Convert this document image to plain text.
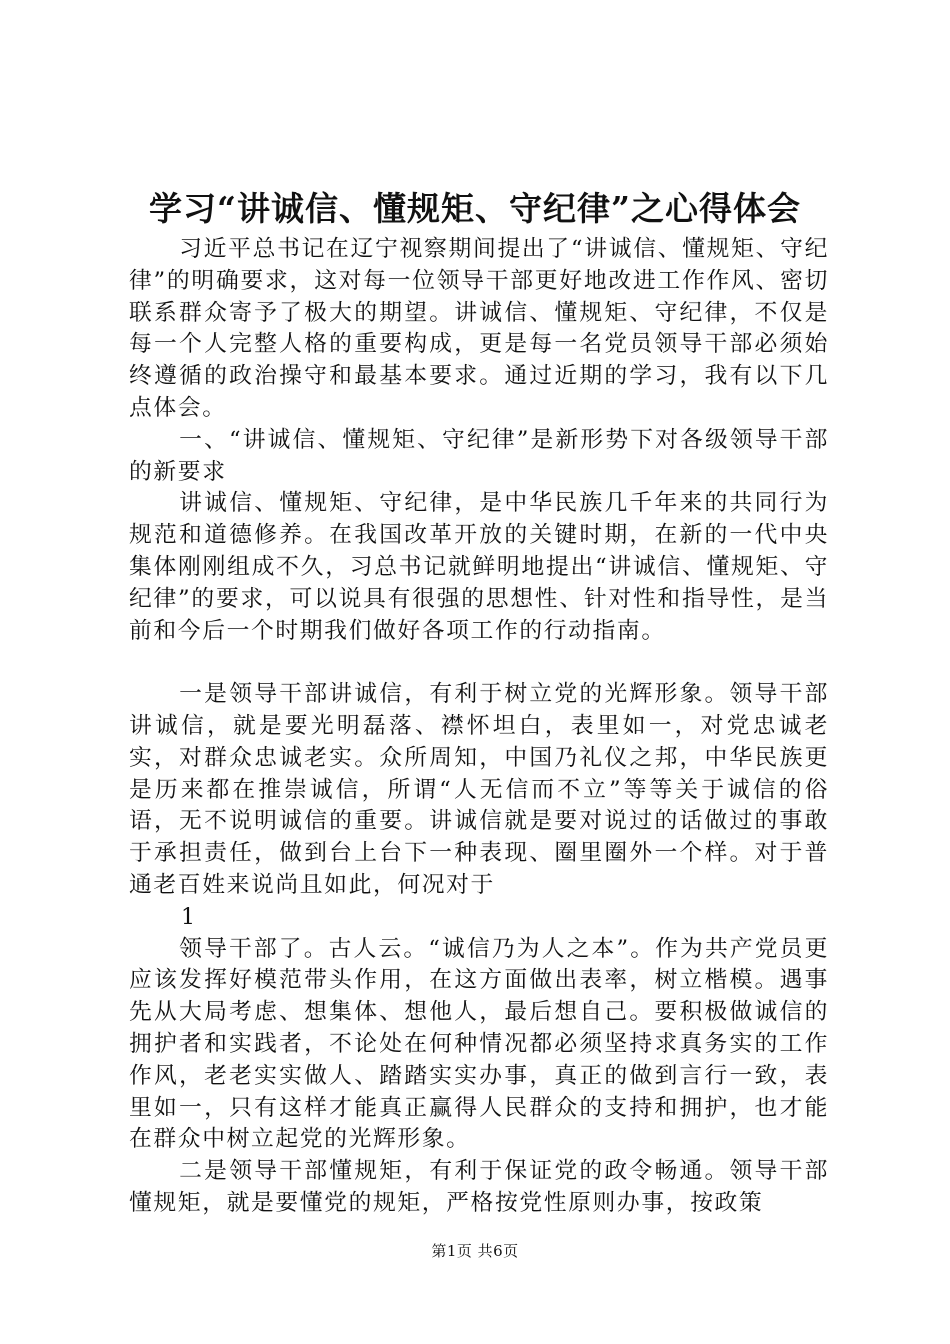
学习“讲诚信、懂规矩、守纪律”之心得体会

习近平总书记在辽宁视察期间提出了“讲诚信、懂规矩、守纪律”的明确要求，这对每一位领导干部更好地改进工作作风、密切联系群众寄予了极大的期望。讲诚信、懂规矩、守纪律，不仅是每一个人完整人格的重要构成，更是每一名党员领导干部必须始终遵循的政治操守和最基本要求。通过近期的学习，我有以下几点体会。

一、“讲诚信、懂规矩、守纪律”是新形势下对各级领导干部的新要求

讲诚信、懂规矩、守纪律，是中华民族几千年来的共同行为规范和道德修养。在我国改革开放的关键时期，在新的一代中央集体刚刚组成不久，习总书记就鲜明地提出“讲诚信、懂规矩、守纪律”的要求，可以说具有很强的思想性、针对性和指导性，是当前和今后一个时期我们做好各项工作的行动指南。

一是领导干部讲诚信，有利于树立党的光辉形象。领导干部讲诚信，就是要光明磊落、襟怀坦白，表里如一，对党忠诚老实，对群众忠诚老实。众所周知，中国乃礼仪之邦，中华民族更是历来都在推崇诚信，所谓“人无信而不立”等等关于诚信的俗语，无不说明诚信的重要。讲诚信就是要对说过的话做过的事敢于承担责任，做到台上台下一种表现、圈里圈外一个样。对于普通老百姓来说尚且如此，何况对于

1

领导干部了。古人云。“诚信乃为人之本”。作为共产党员更应该发挥好模范带头作用，在这方面做出表率，树立楷模。遇事先从大局考虑、想集体、想他人，最后想自己。要积极做诚信的拥护者和实践者，不论处在何种情况都必须坚持求真务实的工作作风，老老实实做人、踏踏实实办事，真正的做到言行一致，表里如一，只有这样才能真正赢得人民群众的支持和拥护，也才能在群众中树立起党的光辉形象。

二是领导干部懂规矩，有利于保证党的政令畅通。领导干部懂规矩，就是要懂党的规矩，严格按党性原则办事，按政策

第1页 共6页
